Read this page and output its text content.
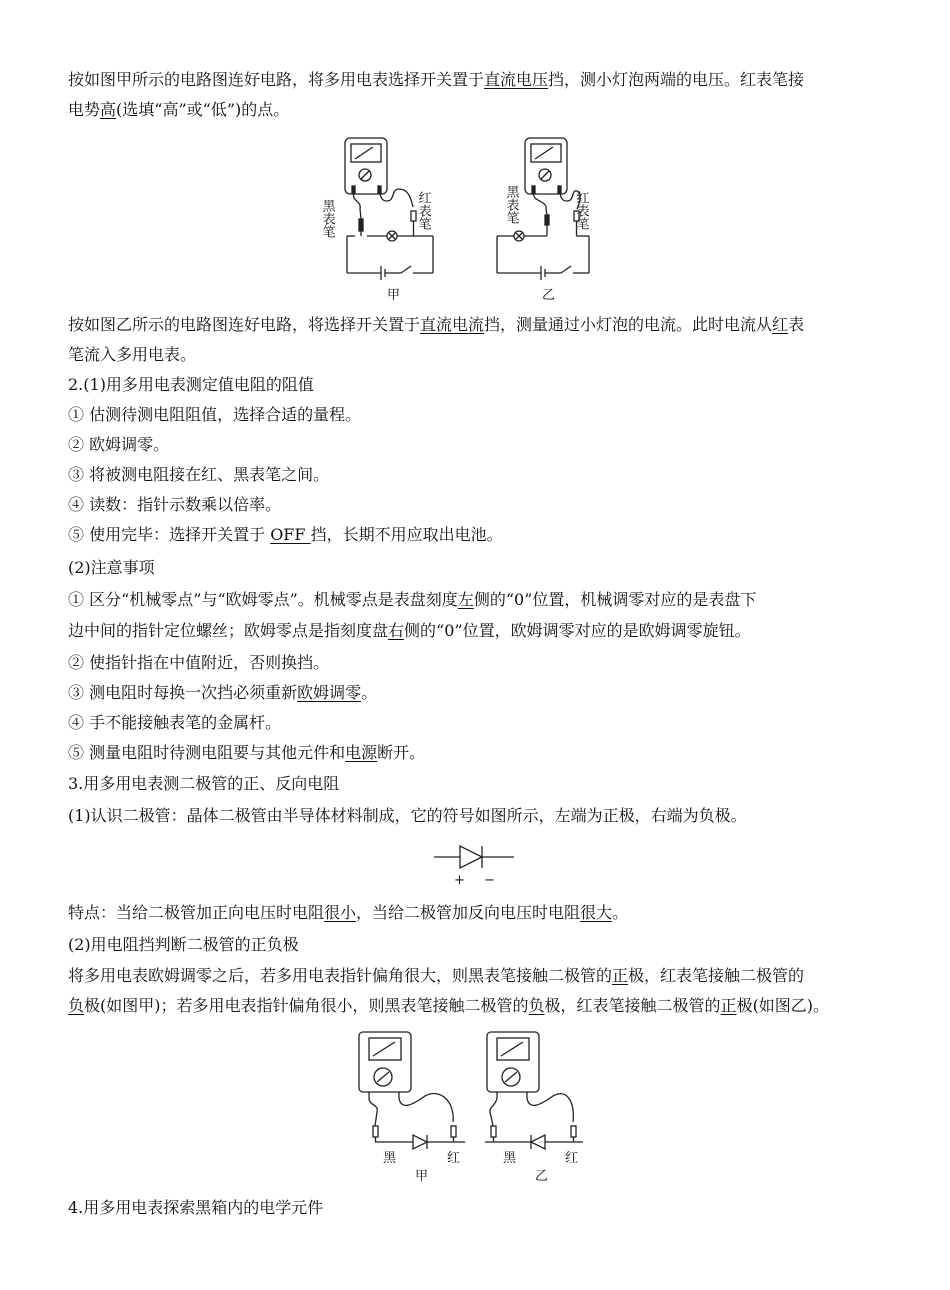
按如图甲所示的电路图连好电路，将多用电表选择开关置于直流电压挡，测小灯泡两端的电压。红表笔接
电势高(选填“高”或“低”)的点。
黑表笔	红表笔
甲
黑表笔	红表笔
乙
按如图乙所示的电路图连好电路，将选择开关置于直流电流挡，测量通过小灯泡的电流。此时电流从红表
笔流入多用电表。
2.(1)用多用电表测定值电阻的阻值
① 估测待测电阻阻值，选择合适的量程。
② 欧姆调零。
③ 将被测电阻接在红、黑表笔之间。
④ 读数：指针示数乘以倍率。
⑤ 使用完毕：选择开关置于 OFF 挡，长期不用应取出电池。
(2)注意事项
① 区分“机械零点”与“欧姆零点”。机械零点是表盘刻度左侧的“0”位置，机械调零对应的是表盘下
边中间的指针定位螺丝；欧姆零点是指刻度盘右侧的“0”位置，欧姆调零对应的是欧姆调零旋钮。
② 使指针指在中值附近，否则换挡。
③ 测电阻时每换一次挡必须重新欧姆调零。
④ 手不能接触表笔的金属杆。
⑤ 测量电阻时待测电阻要与其他元件和电源断开。
3.用多用电表测二极管的正、反向电阻
(1)认识二极管：晶体二极管由半导体材料制成，它的符号如图所示，左端为正极，右端为负极。
+ −
特点：当给二极管加正向电压时电阻很小，当给二极管加反向电压时电阻很大。
(2)用电阻挡判断二极管的正负极
将多用电表欧姆调零之后，若多用电表指针偏角很大，则黑表笔接触二极管的正极，红表笔接触二极管的
负极(如图甲)；若多用电表指针偏角很小，则黑表笔接触二极管的负极，红表笔接触二极管的正极(如图乙)。
黑	红
甲
黑	红
乙
4.用多用电表探索黑箱内的电学元件
